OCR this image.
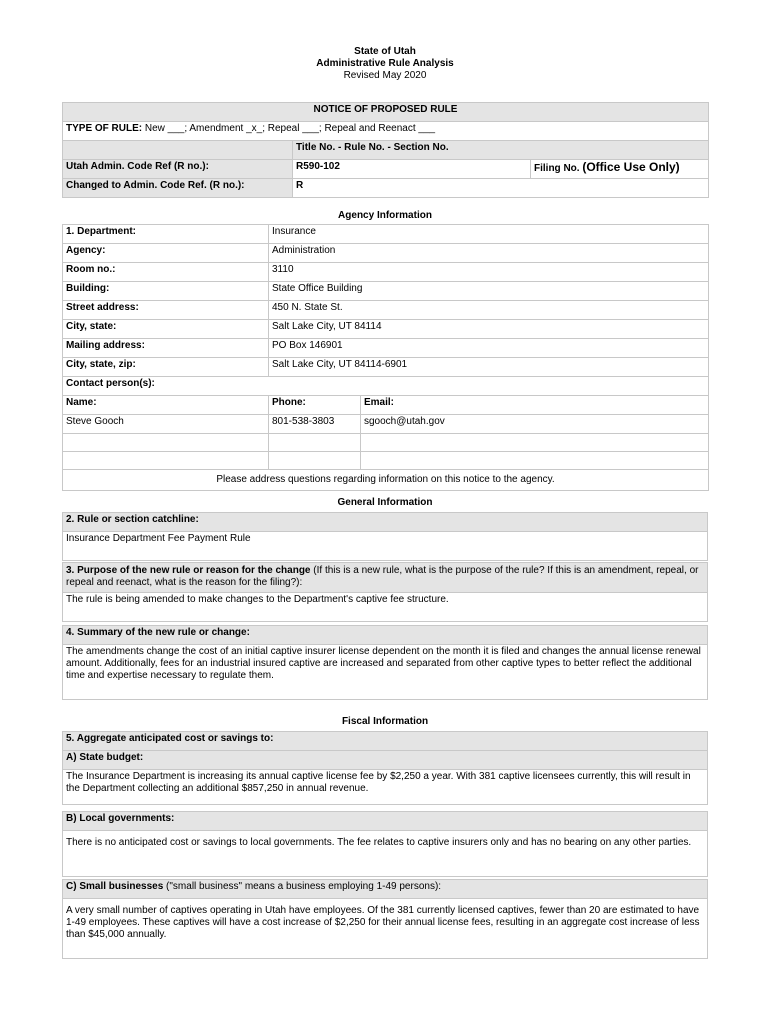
State of Utah
Administrative Rule Analysis
Revised May 2020
NOTICE OF PROPOSED RULE		
TYPE OF RULE: New ___; Amendment _x_; Repeal ___; Repeal and Reenact ___		
	Title No. - Rule No. - Section No.	
Utah Admin. Code Ref (R no.):	R590-102	Filing No. (Office Use Only)
Changed to Admin. Code Ref. (R no.):	R	
Agency Information
1. Department:	Insurance	
Agency:	Administration	
Room no.:	3110	
Building:	State Office Building	
Street address:	450 N. State St.	
City, state:	Salt Lake City, UT 84114	
Mailing address:	PO Box 146901	
City, state, zip:	Salt Lake City, UT 84114-6901	
Contact person(s):		
Name:	Phone:	Email:
Steve Gooch	801-538-3803	sgooch@utah.gov

Please address questions regarding information on this notice to the agency.		
General Information
2. Rule or section catchline:
Insurance Department Fee Payment Rule
3. Purpose of the new rule or reason for the change (If this is a new rule, what is the purpose of the rule? If this is an amendment, repeal, or repeal and reenact, what is the reason for the filing?):
The rule is being amended to make changes to the Department's captive fee structure.
4. Summary of the new rule or change:
The amendments change the cost of an initial captive insurer license dependent on the month it is filed and changes the annual license renewal amount. Additionally, fees for an industrial insured captive are increased and separated from other captive types to better reflect the additional time and expertise necessary to regulate them.
Fiscal Information
5. Aggregate anticipated cost or savings to:
A) State budget:
The Insurance Department is increasing its annual captive license fee by $2,250 a year. With 381 captive licensees currently, this will result in the Department collecting an additional $857,250 in annual revenue.
B) Local governments:
There is no anticipated cost or savings to local governments. The fee relates to captive insurers only and has no bearing on any other parties.
C) Small businesses ("small business" means a business employing 1-49 persons):
A very small number of captives operating in Utah have employees. Of the 381 currently licensed captives, fewer than 20 are estimated to have 1-49 employees. These captives will have a cost increase of $2,250 for their annual license fees, resulting in an aggregate cost increase of less than $45,000 annually.
